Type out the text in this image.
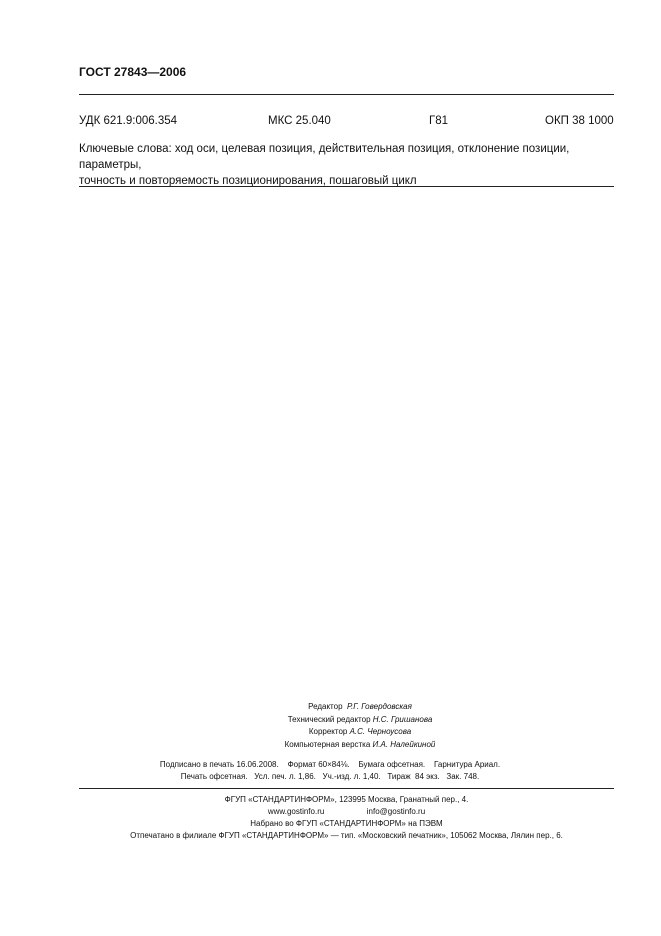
ГОСТ 27843—2006
УДК 621.9:006.354	МКС 25.040	Г81	ОКП 38 1000
Ключевые слова: ход оси, целевая позиция, действительная позиция, отклонение позиции, параметры,
точность и повторяемость позиционирования, пошаговый цикл
Редактор Р.Г. Говердовская
Технический редактор Н.С. Гришанова
Корректор А.С. Черноусова
Компьютерная верстка И.А. Налейкиной
Подписано в печать 16.06.2008.    Формат 60×84⅛.    Бумага офсетная.    Гарнитура Ариал.
Печать офсетная.   Усл. печ. л. 1,86.   Уч.-изд. л. 1,40.   Тираж  84 экз.   Зак. 748.
ФГУП «СТАНДАРТИНФОРМ», 123995 Москва, Гранатный пер., 4.
www.gostinfo.ru	info@gostinfo.ru
Набрано во ФГУП «СТАНДАРТИНФОРМ» на ПЭВМ
Отпечатано в филиале ФГУП «СТАНДАРТИНФОРМ» — тип. «Московский печатник», 105062 Москва, Лялин пер., 6.
